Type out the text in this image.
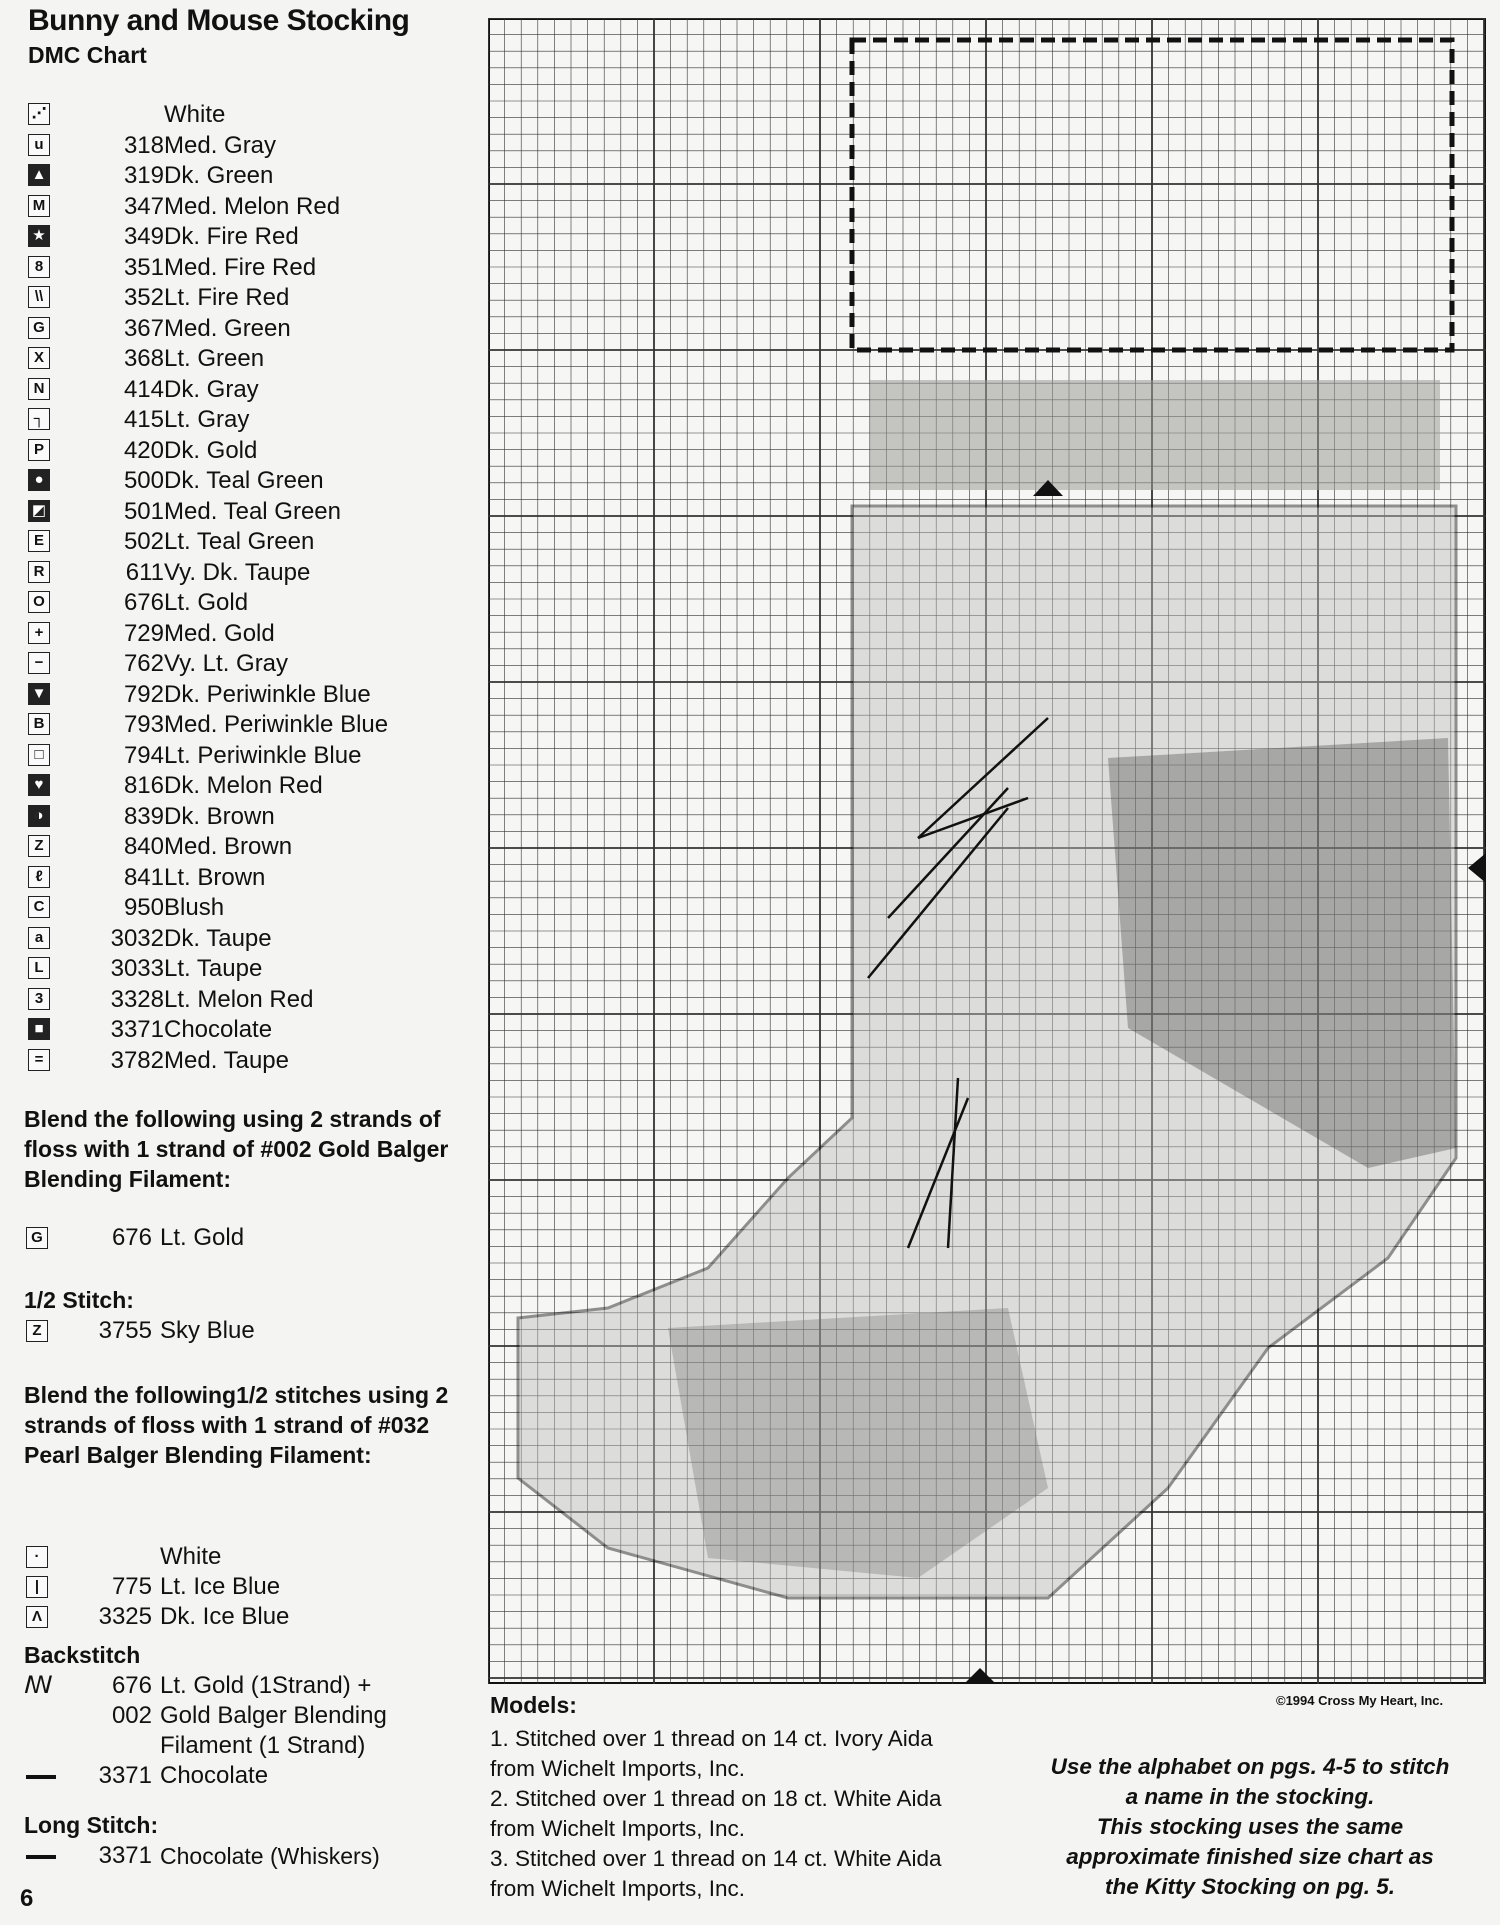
Bunny and Mouse Stocking
DMC Chart
⋰	White
u	318 Med. Gray
▲	319 Dk. Green
M	347 Med. Melon Red
★	349 Dk. Fire Red
8	351 Med. Fire Red
\\	352 Lt. Fire Red
G	367 Med. Green
X	368 Lt. Green
N	414 Dk. Gray
┐	415 Lt. Gray
P	420 Dk. Gold
●	500 Dk. Teal Green
◩	501 Med. Teal Green
E	502 Lt. Teal Green
R	611 Vy. Dk. Taupe
O	676 Lt. Gold
+	729 Med. Gold
−	762 Vy. Lt. Gray
▼	792 Dk. Periwinkle Blue
B	793 Med. Periwinkle Blue
□	794 Lt. Periwinkle Blue
♥	816 Dk. Melon Red
◑	839 Dk. Brown
Z	840 Med. Brown
ℓ	841 Lt. Brown
C	950 Blush
a	3032 Dk. Taupe
L	3033 Lt. Taupe
3	3328 Lt. Melon Red
■	3371 Chocolate
=	3782 Med. Taupe
Blend the following using 2 strands of floss with 1 strand of #002 Gold Balger Blending Filament:
G	676 Lt. Gold
1/2 Stitch:
Z	3755 Sky Blue
Blend the following1/2 stitches using 2 strands of floss with 1 strand of #032 Pearl Balger Blending Filament:
·	White
|	775 Lt. Ice Blue
Λ	3325 Dk. Ice Blue
Backstitch
ꟿ	676 Lt. Gold (1Strand) +
002 Gold Balger Blending
Filament (1 Strand)
3371 Chocolate
Long Stitch:
3371 Chocolate (Whiskers)
6
©1994 Cross My Heart, Inc.
Models:
1. Stitched over 1 thread on 14 ct. Ivory Aida
from Wichelt Imports, Inc.
2. Stitched over 1 thread on 18 ct. White Aida
from Wichelt Imports, Inc.
3. Stitched over 1 thread on 14 ct. White Aida
from Wichelt Imports, Inc.
Use the alphabet on pgs. 4-5 to stitch
a name in the stocking.
This stocking uses the same
approximate finished size chart as
the Kitty Stocking on pg. 5.
